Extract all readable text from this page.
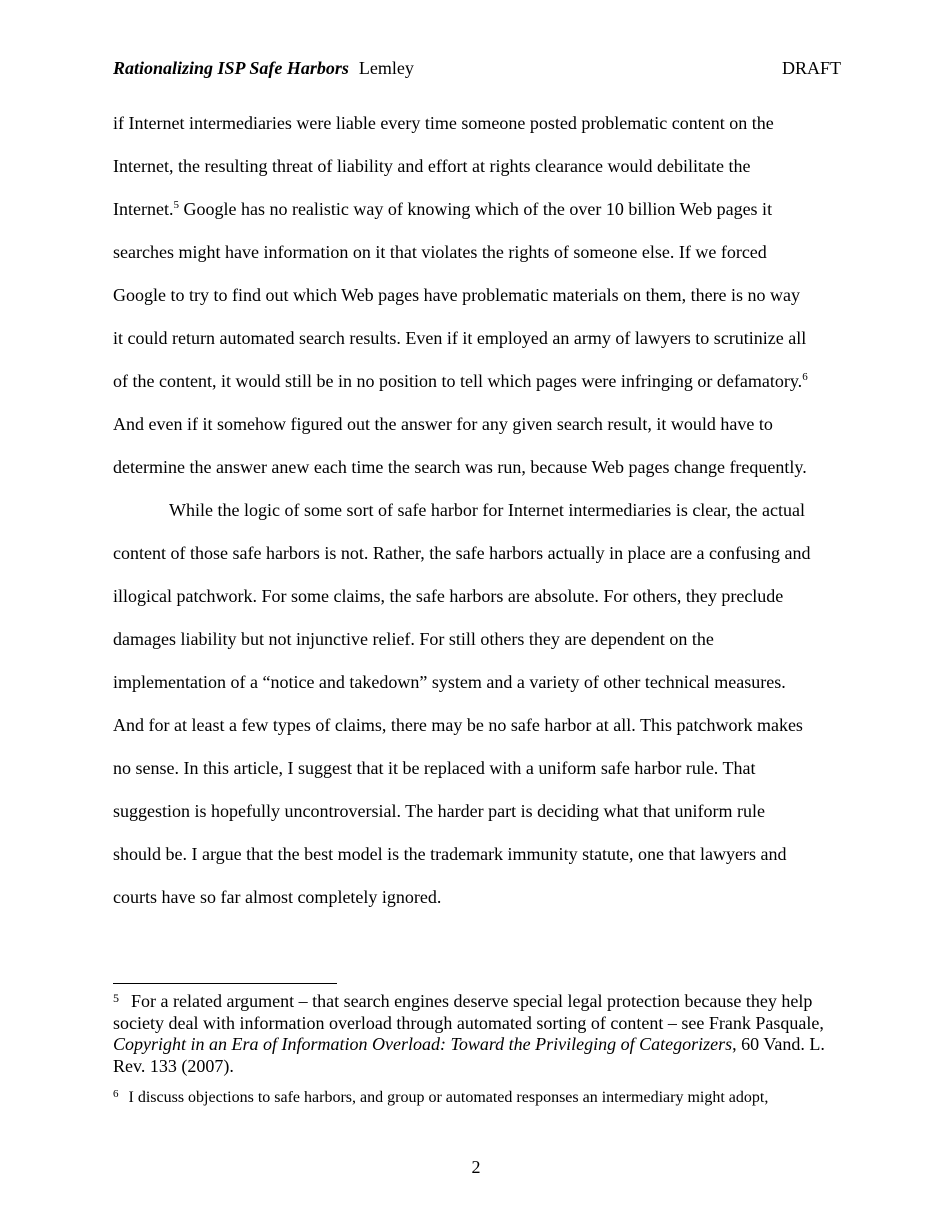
Rationalizing ISP Safe Harbors Lemley	DRAFT
if Internet intermediaries were liable every time someone posted problematic content on the
Internet, the resulting threat of liability and effort at rights clearance would debilitate the
Internet.$^5$ Google has no realistic way of knowing which of the over 10 billion Web pages it
searches might have information on it that violates the rights of someone else. If we forced
Google to try to find out which Web pages have problematic materials on them, there is no way
it could return automated search results. Even if it employed an army of lawyers to scrutinize all
of the content, it would still be in no position to tell which pages were infringing or defamatory.$^6$
And even if it somehow figured out the answer for any given search result, it would have to
determine the answer anew each time the search was run, because Web pages change frequently.
While the logic of some sort of safe harbor for Internet intermediaries is clear, the actual
content of those safe harbors is not. Rather, the safe harbors actually in place are a confusing and
illogical patchwork. For some claims, the safe harbors are absolute. For others, they preclude
damages liability but not injunctive relief. For still others they are dependent on the
implementation of a “notice and takedown” system and a variety of other technical measures.
And for at least a few types of claims, there may be no safe harbor at all. This patchwork makes
no sense. In this article, I suggest that it be replaced with a uniform safe harbor rule. That
suggestion is hopefully uncontroversial. The harder part is deciding what that uniform rule
should be. I argue that the best model is the trademark immunity statute, one that lawyers and
courts have so far almost completely ignored.
$^5$ For a related argument – that search engines deserve special legal protection because they help society deal with information overload through automated sorting of content – see Frank Pasquale, Copyright in an Era of Information Overload: Toward the Privileging of Categorizers, 60 Vand. L. Rev. 133 (2007).
$^6$ I discuss objections to safe harbors, and group or automated responses an intermediary might adopt,
2
